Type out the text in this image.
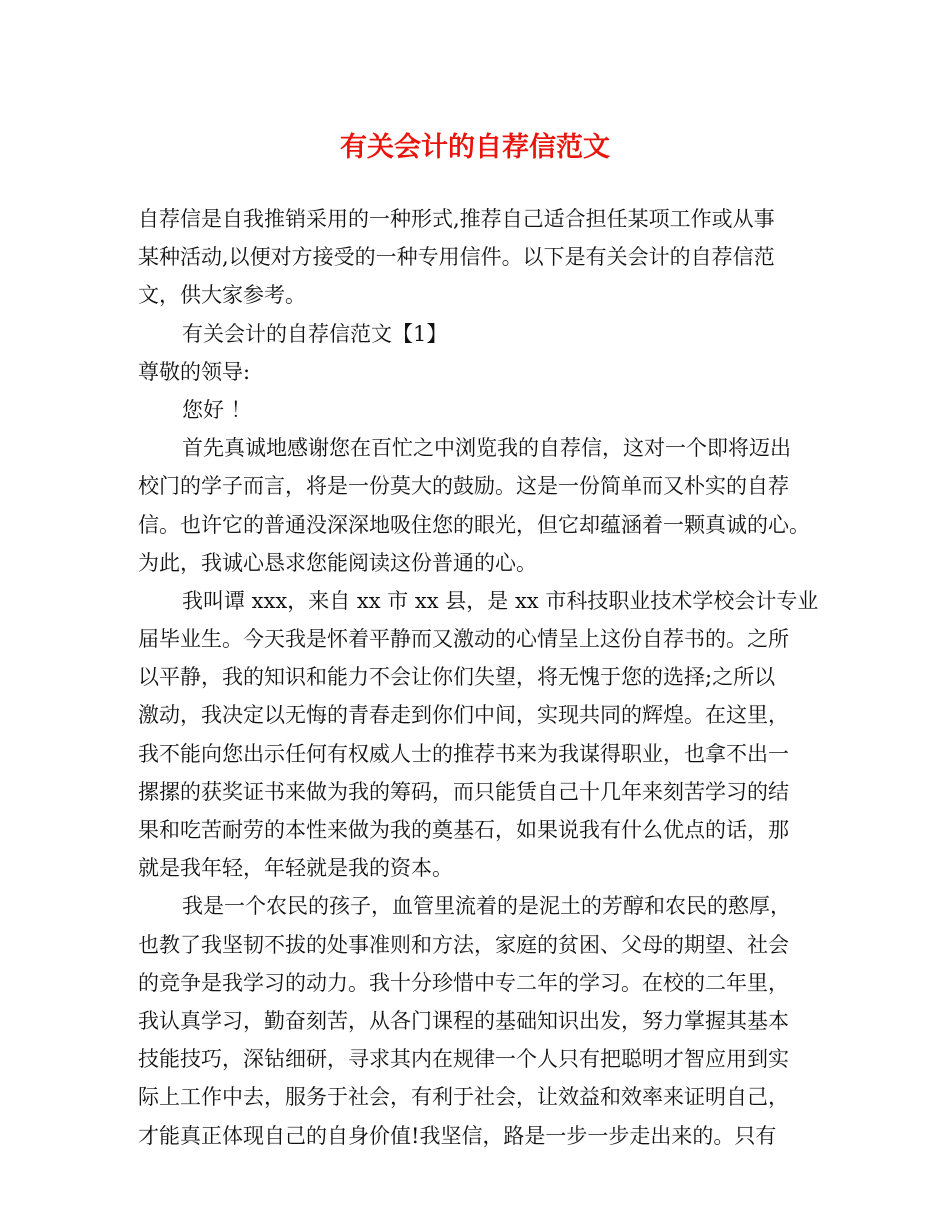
有关会计的自荐信范文

自荐信是自我推销采用的一种形式,推荐自己适合担任某项工作或从事

某种活动,以便对方接受的一种专用信件。以下是有关会计的自荐信范

文，供大家参考。

有关会计的自荐信范文【1】

尊敬的领导:

您好 ！

首先真诚地感谢您在百忙之中浏览我的自荐信，这对一个即将迈出

校门的学子而言，将是一份莫大的鼓励。这是一份简单而又朴实的自荐

信。也许它的普通没深深地吸住您的眼光，但它却蕴涵着一颗真诚的心。

为此，我诚心恳求您能阅读这份普通的心。

我叫谭 xxx，来自 xx 市 xx 县，是 xx 市科技职业技术学校会计专业

届毕业生。今天我是怀着平静而又激动的心情呈上这份自荐书的。之所

以平静，我的知识和能力不会让你们失望，将无愧于您的选择;之所以

激动，我决定以无悔的青春走到你们中间，实现共同的辉煌。在这里，

我不能向您出示任何有权威人士的推荐书来为我谋得职业，也拿不出一

摞摞的获奖证书来做为我的筹码，而只能赁自己十几年来刻苦学习的结

果和吃苦耐劳的本性来做为我的奠基石，如果说我有什么优点的话，那

就是我年轻，年轻就是我的资本。

我是一个农民的孩子，血管里流着的是泥土的芳醇和农民的憨厚，

也教了我坚韧不拔的处事准则和方法，家庭的贫困、父母的期望、社会

的竞争是我学习的动力。我十分珍惜中专二年的学习。在校的二年里，

我认真学习，勤奋刻苦，从各门课程的基础知识出发，努力掌握其基本

技能技巧，深钻细研，寻求其内在规律一个人只有把聪明才智应用到实

际上工作中去，服务于社会，有利于社会，让效益和效率来证明自己，

才能真正体现自己的自身价值!我坚信，路是一步一步走出来的。只有
